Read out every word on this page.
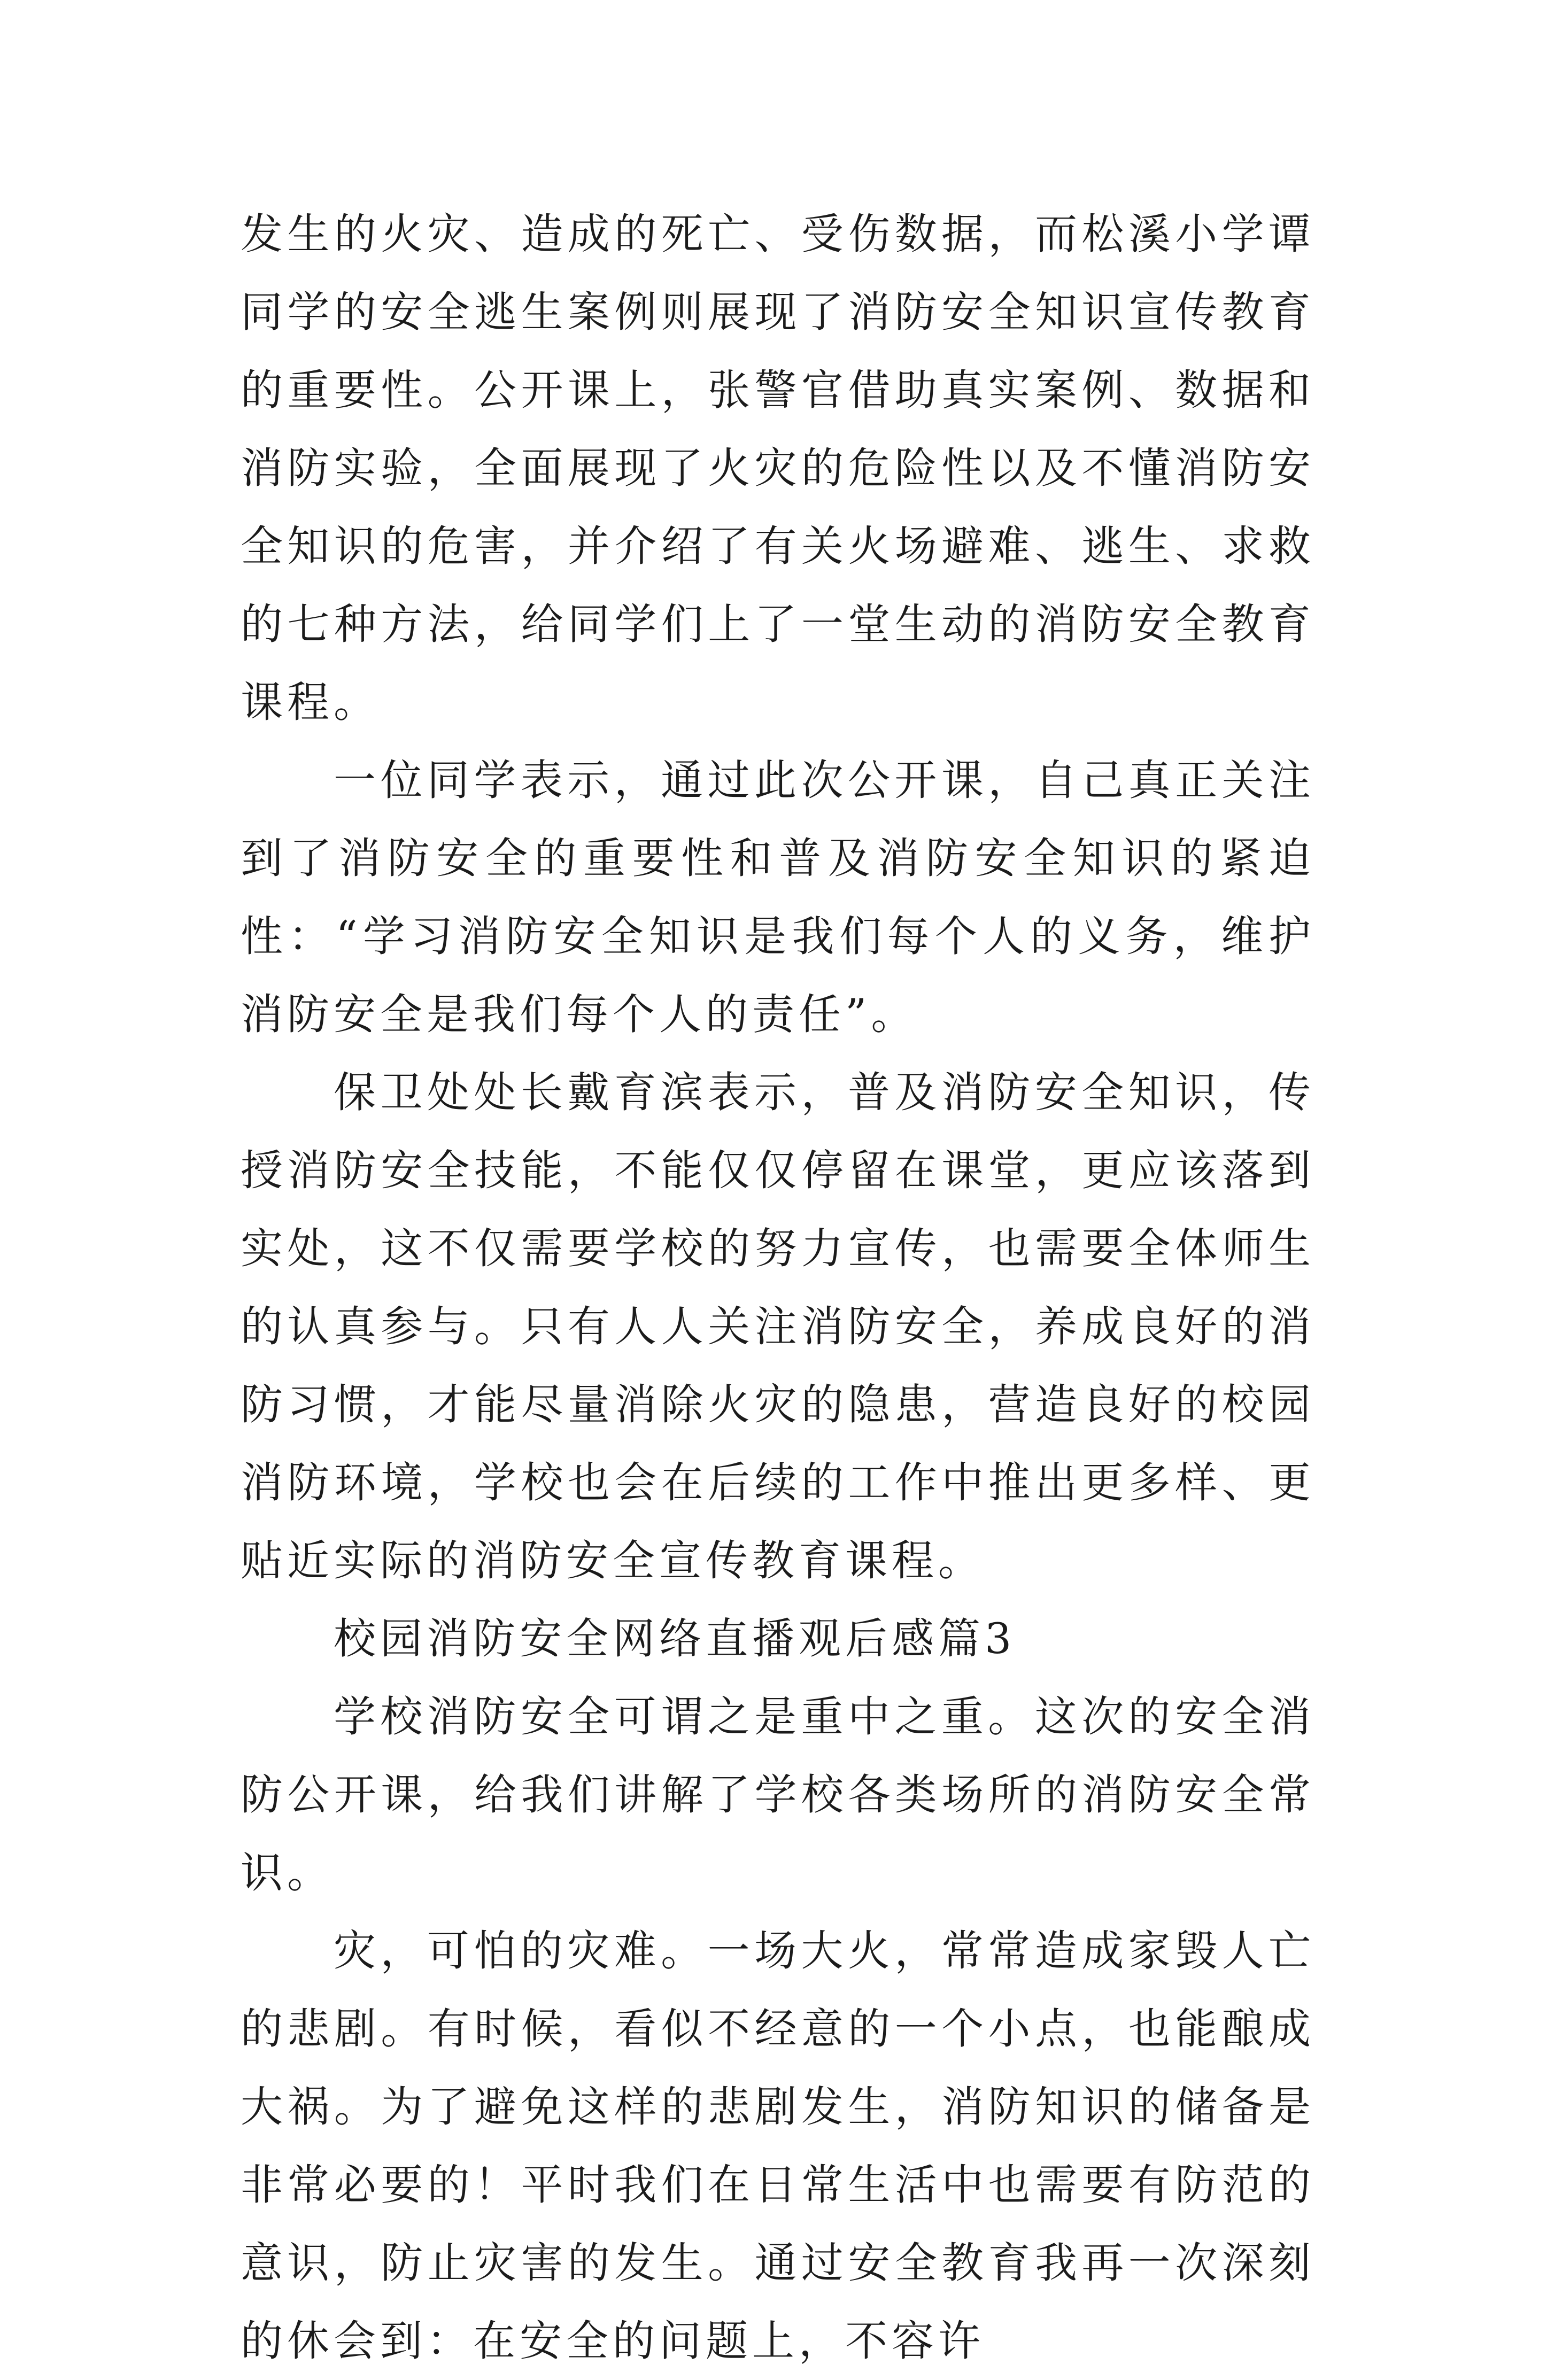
发生的火灾、造成的死亡、受伤数据，而松溪小学谭同学的安全逃生案例则展现了消防安全知识宣传教育的重要性。公开课上，张警官借助真实案例、数据和消防实验，全面展现了火灾的危险性以及不懂消防安全知识的危害，并介绍了有关火场避难、逃生、求救的七种方法，给同学们上了一堂生动的消防安全教育课程。

一位同学表示，通过此次公开课，自己真正关注到了消防安全的重要性和普及消防安全知识的紧迫性：“学习消防安全知识是我们每个人的义务，维护消防安全是我们每个人的责任”。

保卫处处长戴育滨表示，普及消防安全知识，传授消防安全技能，不能仅仅停留在课堂，更应该落到实处，这不仅需要学校的努力宣传，也需要全体师生的认真参与。只有人人关注消防安全，养成良好的消防习惯，才能尽量消除火灾的隐患，营造良好的校园消防环境，学校也会在后续的工作中推出更多样、更贴近实际的消防安全宣传教育课程。

校园消防安全网络直播观后感篇3

学校消防安全可谓之是重中之重。这次的安全消防公开课，给我们讲解了学校各类场所的消防安全常识。

灾，可怕的灾难。一场大火，常常造成家毁人亡的悲剧。有时候，看似不经意的一个小点，也能酿成大祸。为了避免这样的悲剧发生，消防知识的储备是非常必要的！平时我们在日常生活中也需要有防范的意识，防止灾害的发生。通过安全教育我再一次深刻的休会到：在安全的问题上，不容许
